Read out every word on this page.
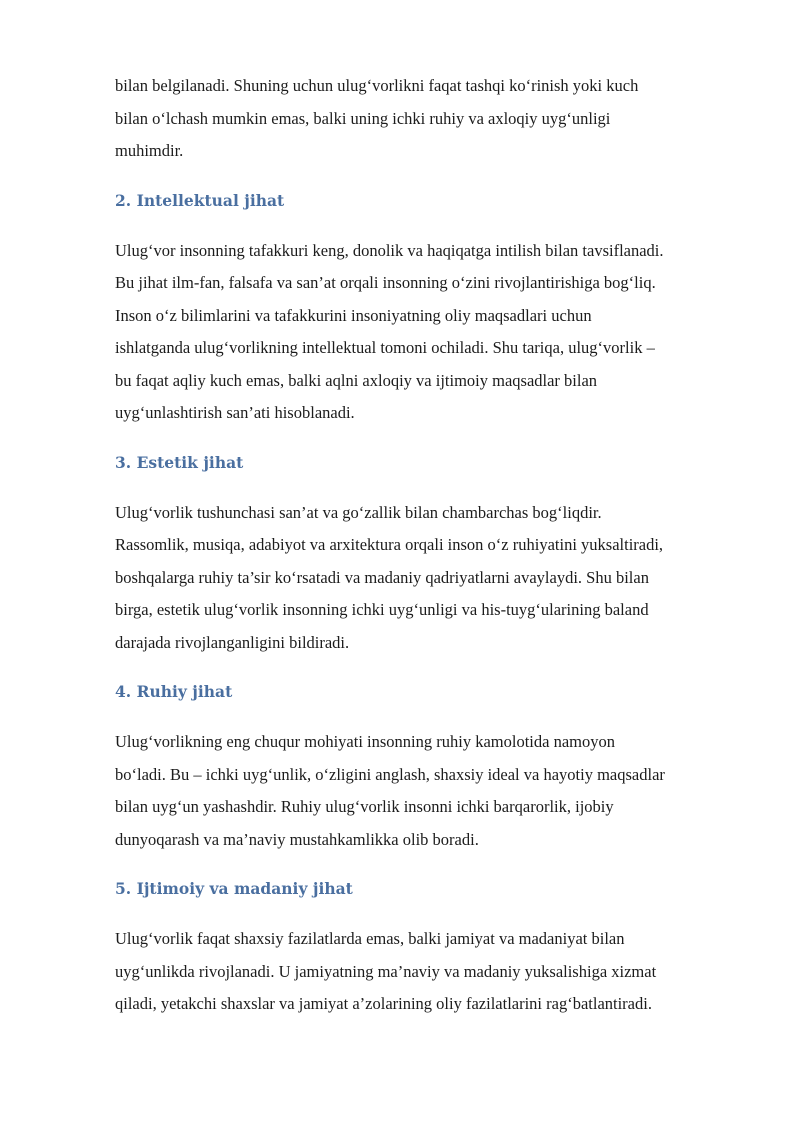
bilan belgilanadi. Shuning uchun ulug‘vorlikni faqat tashqi ko‘rinish yoki kuch
bilan o‘lchash mumkin emas, balki uning ichki ruhiy va axloqiy uyg‘unligi
muhimdir.

2. Intellektual jihat

Ulug‘vor insonning tafakkuri keng, donolik va haqiqatga intilish bilan tavsiflanadi.
Bu jihat ilm-fan, falsafa va san’at orqali insonning o‘zini rivojlantirishiga bog‘liq.
Inson o‘z bilimlarini va tafakkurini insoniyatning oliy maqsadlari uchun
ishlatganda ulug‘vorlikning intellektual tomoni ochiladi. Shu tariqa, ulug‘vorlik –
bu faqat aqliy kuch emas, balki aqlni axloqiy va ijtimoiy maqsadlar bilan
uyg‘unlashtirish san’ati hisoblanadi.

3. Estetik jihat

Ulug‘vorlik tushunchasi san’at va go‘zallik bilan chambarchas bog‘liqdir.
Rassomlik, musiqa, adabiyot va arxitektura orqali inson o‘z ruhiyatini yuksaltiradi,
boshqalarga ruhiy ta’sir ko‘rsatadi va madaniy qadriyatlarni avaylaydi. Shu bilan
birga, estetik ulug‘vorlik insonning ichki uyg‘unligi va his-tuyg‘ularining baland
darajada rivojlanganligini bildiradi.

4. Ruhiy jihat

Ulug‘vorlikning eng chuqur mohiyati insonning ruhiy kamolotida namoyon
bo‘ladi. Bu – ichki uyg‘unlik, o‘zligini anglash, shaxsiy ideal va hayotiy maqsadlar
bilan uyg‘un yashashdir. Ruhiy ulug‘vorlik insonni ichki barqarorlik, ijobiy
dunyoqarash va ma’naviy mustahkamlikka olib boradi.

5. Ijtimoiy va madaniy jihat

Ulug‘vorlik faqat shaxsiy fazilatlarda emas, balki jamiyat va madaniyat bilan
uyg‘unlikda rivojlanadi. U jamiyatning ma’naviy va madaniy yuksalishiga xizmat
qiladi, yetakchi shaxslar va jamiyat a’zolarining oliy fazilatlarini rag‘batlantiradi.
